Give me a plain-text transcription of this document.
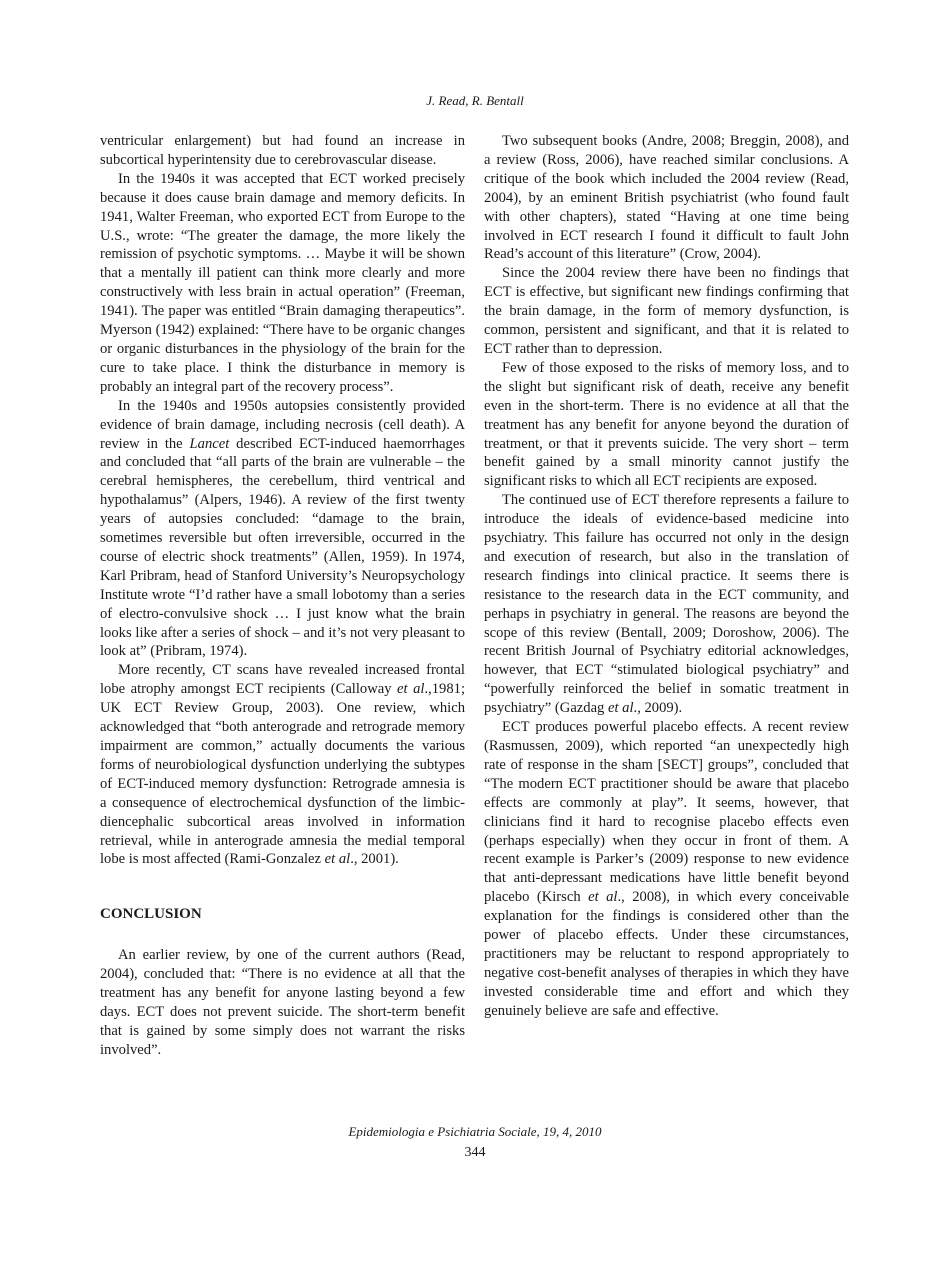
J. Read, R. Bentall

ventricular enlargement) but had found an increase in subcortical hyperintensity due to cerebrovascular disease.

In the 1940s it was accepted that ECT worked precisely because it does cause brain damage and memory deficits. In 1941, Walter Freeman, who exported ECT from Europe to the U.S., wrote: “The greater the damage, the more likely the remission of psychotic symptoms. … Maybe it will be shown that a mentally ill patient can think more clearly and more constructively with less brain in actual operation” (Freeman, 1941). The paper was entitled “Brain damaging therapeutics”. Myerson (1942) explained: “There have to be organic changes or organic disturbances in the physiology of the brain for the cure to take place. I think the disturbance in memory is probably an integral part of the recovery process”.

In the 1940s and 1950s autopsies consistently provided evidence of brain damage, including necrosis (cell death). A review in the Lancet described ECT-induced haemorrhages and concluded that “all parts of the brain are vulnerable – the cerebral hemispheres, the cerebellum, third ventrical and hypothalamus” (Alpers, 1946). A review of the first twenty years of autopsies concluded: “damage to the brain, sometimes reversible but often irreversible, occurred in the course of electric shock treatments” (Allen, 1959). In 1974, Karl Pribram, head of Stanford University’s Neuropsychology Institute wrote “I’d rather have a small lobotomy than a series of electro-convulsive shock … I just know what the brain looks like after a series of shock – and it’s not very pleasant to look at” (Pribram, 1974).

More recently, CT scans have revealed increased frontal lobe atrophy amongst ECT recipients (Calloway et al.,1981; UK ECT Review Group, 2003). One review, which acknowledged that “both anterograde and retrograde memory impairment are common,” actually documents the various forms of neurobiological dysfunction underlying the subtypes of ECT-induced memory dysfunction: Retrograde amnesia is a consequence of electrochemical dysfunction of the limbic-diencephalic subcortical areas involved in information retrieval, while in anterograde amnesia the medial temporal lobe is most affected (Rami-Gonzalez et al., 2001).

CONCLUSION

An earlier review, by one of the current authors (Read, 2004), concluded that: “There is no evidence at all that the treatment has any benefit for anyone lasting beyond a few days. ECT does not prevent suicide. The short-term benefit that is gained by some simply does not warrant the risks involved”.

Two subsequent books (Andre, 2008; Breggin, 2008), and a review (Ross, 2006), have reached similar conclusions. A critique of the book which included the 2004 review (Read, 2004), by an eminent British psychiatrist (who found fault with other chapters), stated “Having at one time being involved in ECT research I found it difficult to fault John Read’s account of this literature” (Crow, 2004).

Since the 2004 review there have been no findings that ECT is effective, but significant new findings confirming that the brain damage, in the form of memory dysfunction, is common, persistent and significant, and that it is related to ECT rather than to depression.

Few of those exposed to the risks of memory loss, and to the slight but significant risk of death, receive any benefit even in the short-term. There is no evidence at all that the treatment has any benefit for anyone beyond the duration of treatment, or that it prevents suicide. The very short – term benefit gained by a small minority cannot justify the significant risks to which all ECT recipients are exposed.

The continued use of ECT therefore represents a failure to introduce the ideals of evidence-based medicine into psychiatry. This failure has occurred not only in the design and execution of research, but also in the translation of research findings into clinical practice. It seems there is resistance to the research data in the ECT community, and perhaps in psychiatry in general. The reasons are beyond the scope of this review (Bentall, 2009; Doroshow, 2006). The recent British Journal of Psychiatry editorial acknowledges, however, that ECT “stimulated biological psychiatry” and “powerfully reinforced the belief in somatic treatment in psychiatry” (Gazdag et al., 2009).

ECT produces powerful placebo effects. A recent review (Rasmussen, 2009), which reported “an unexpectedly high rate of response in the sham [SECT] groups”, concluded that “The modern ECT practitioner should be aware that placebo effects are commonly at play”. It seems, however, that clinicians find it hard to recognise placebo effects even (perhaps especially) when they occur in front of them. A recent example is Parker’s (2009) response to new evidence that anti-depressant medications have little benefit beyond placebo (Kirsch et al., 2008), in which every conceivable explanation for the findings is considered other than the power of placebo effects. Under these circumstances, practitioners may be reluctant to respond appropriately to negative cost-benefit analyses of therapies in which they have invested considerable time and effort and which they genuinely believe are safe and effective.

Epidemiologia e Psichiatria Sociale, 19, 4, 2010
344
